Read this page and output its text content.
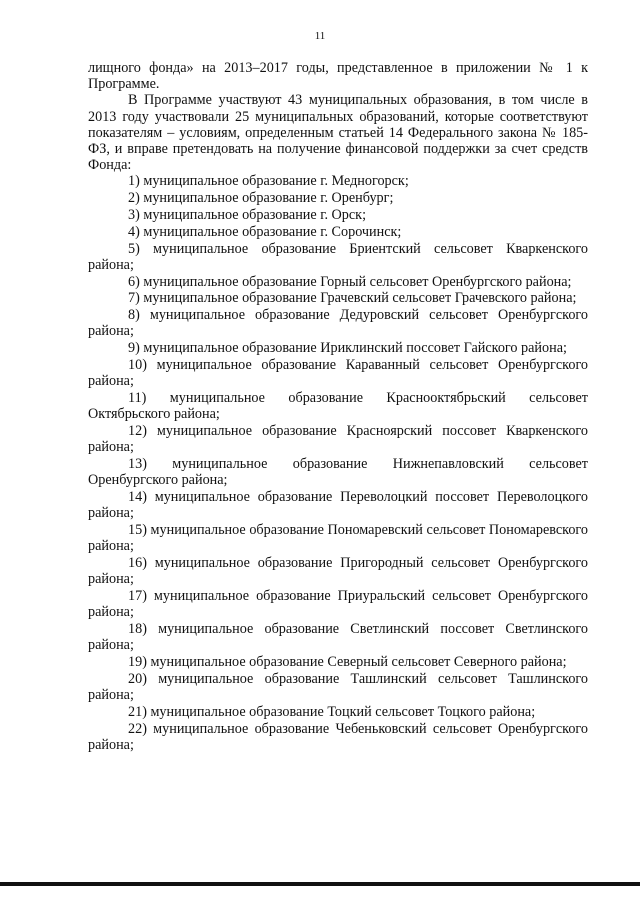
11

лищного фонда» на 2013–2017 годы, представленное в приложении № 1 к Программе.

В Программе участвуют 43 муниципальных образования, в том числе в 2013 году участвовали 25 муниципальных образований, которые соответствуют показателям – условиям, определенным статьей 14 Федерального закона № 185-ФЗ, и вправе претендовать на получение финансовой поддержки за счет средств Фонда:

1) муниципальное образование г. Медногорск;
2) муниципальное образование г. Оренбург;
3) муниципальное образование г. Орск;
4) муниципальное образование г. Сорочинск;
5) муниципальное образование Бриентский сельсовет Кваркенского района;
6) муниципальное образование Горный сельсовет Оренбургского района;
7) муниципальное образование Грачевский сельсовет Грачевского района;
8) муниципальное образование Дедуровский сельсовет Оренбургского района;
9) муниципальное образование Ириклинский поссовет Гайского района;
10) муниципальное образование Караванный сельсовет Оренбургского района;
11) муниципальное образование Краснооктябрьский сельсовет Октябрьского района;
12) муниципальное образование Красноярский поссовет Кваркенского района;
13) муниципальное образование Нижнепавловский сельсовет Оренбургского района;
14) муниципальное образование Переволоцкий поссовет Переволоцкого района;
15) муниципальное образование Пономаревский сельсовет Пономаревского района;
16) муниципальное образование Пригородный сельсовет Оренбургского района;
17) муниципальное образование Приуральский сельсовет Оренбургского района;
18) муниципальное образование Светлинский поссовет Светлинского района;
19) муниципальное образование Северный сельсовет Северного района;
20) муниципальное образование Ташлинский сельсовет Ташлинского района;
21) муниципальное образование Тоцкий сельсовет Тоцкого района;
22) муниципальное образование Чебеньковский сельсовет Оренбургского района;
